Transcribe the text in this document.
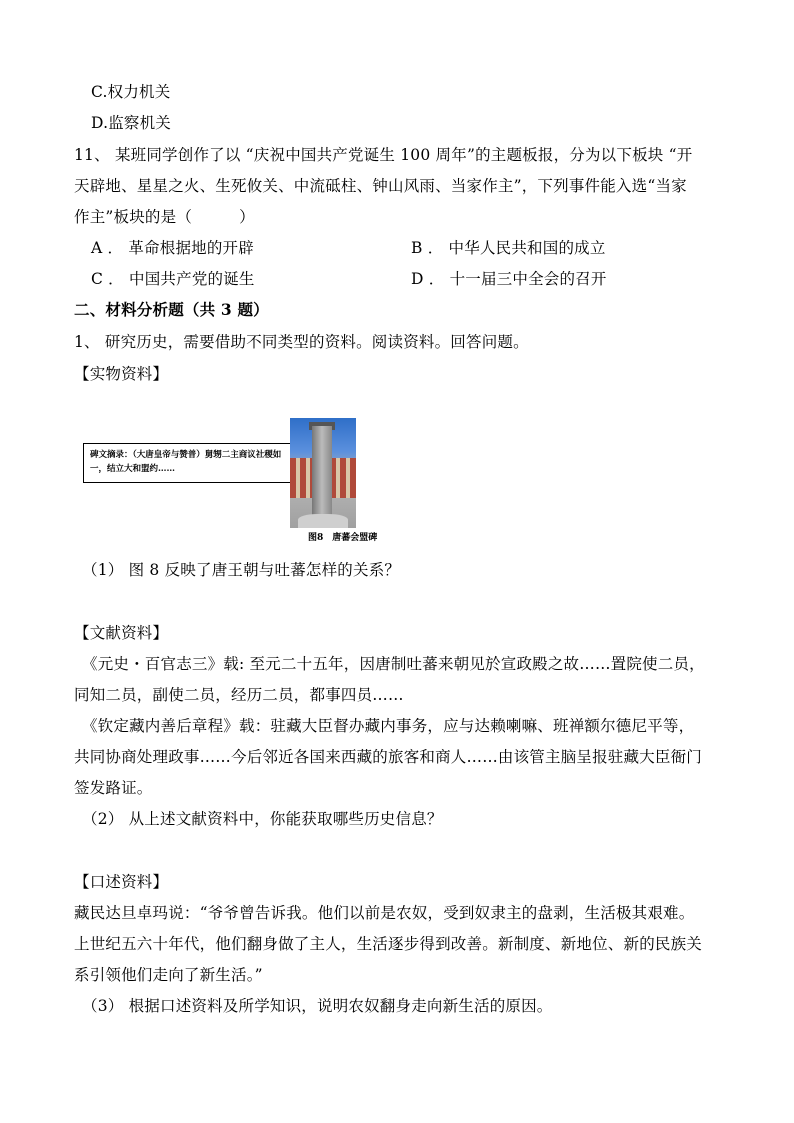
C.权力机关
D.监察机关
11、 某班同学创作了以 “庆祝中国共产党诞生 100 周年”的主题板报，分为以下板块 “开
天辟地、星星之火、生死攸关、中流砥柱、钟山风雨、当家作主”，下列事件能入选“当家
作主”板块的是（　　　）
A ． 革命根据地的开辟	B ． 中华人民共和国的成立
C ． 中国共产党的诞生	D ． 十一届三中全会的召开
二、材料分析题（共 3 题）
1、 研究历史，需要借助不同类型的资料。阅读资料。回答问题。
【实物资料】
碑文摘录：（大唐皇帝与赞普）舅甥二主商议社稷如一，结立大和盟约……
图8　唐蕃会盟碑
（1） 图 8 反映了唐王朝与吐蕃怎样的关系？
【文献资料】
《元史・百官志三》载: 至元二十五年，因唐制吐蕃来朝见於宣政殿之故……置院使二员，
同知二员，副使二员，经历二员，都事四员……
《钦定藏内善后章程》载：驻藏大臣督办藏内事务，应与达赖喇嘛、班禅额尔德尼平等，
共同协商处理政事……今后邻近各国来西藏的旅客和商人……由该管主脑呈报驻藏大臣衙门
签发路证。
（2） 从上述文献资料中，你能获取哪些历史信息？
【口述资料】
藏民达旦卓玛说：“爷爷曾告诉我。他们以前是农奴，受到奴隶主的盘剥，生活极其艰难。
上世纪五六十年代，他们翻身做了主人，生活逐步得到改善。新制度、新地位、新的民族关
系引领他们走向了新生活。”
（3） 根据口述资料及所学知识，说明农奴翻身走向新生活的原因。
